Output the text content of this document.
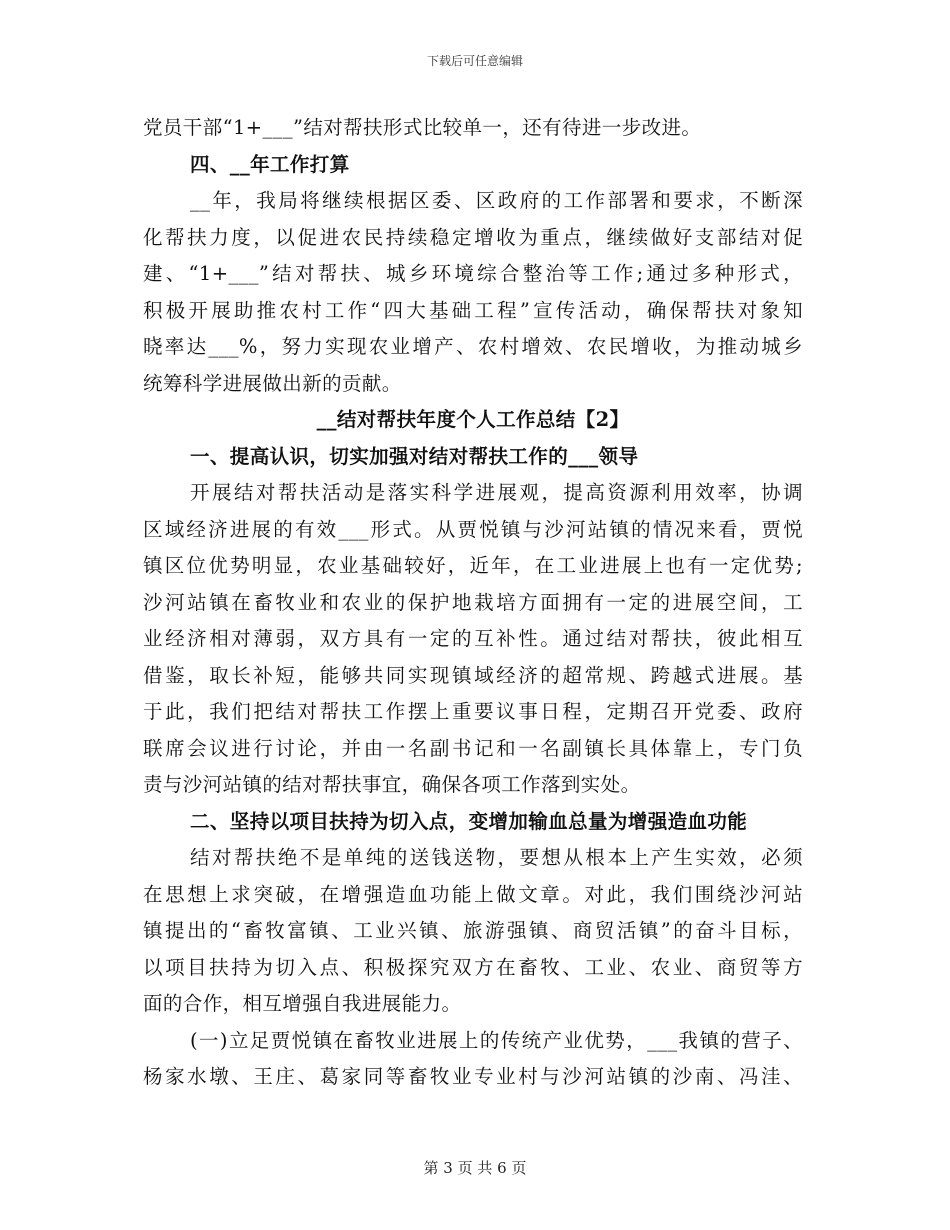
下载后可任意编辑
党员干部“1+___”结对帮扶形式比较单一，还有待进一步改进。
四、__年工作打算
__年，我局将继续根据区委、区政府的工作部署和要求，不断深
化帮扶力度，以促进农民持续稳定增收为重点，继续做好支部结对促
建、“1+___”结对帮扶、城乡环境综合整治等工作;通过多种形式，
积极开展助推农村工作“四大基础工程”宣传活动，确保帮扶对象知
晓率达___%，努力实现农业增产、农村增效、农民增收，为推动城乡
统筹科学进展做出新的贡献。
__结对帮扶年度个人工作总结【2】
一、提高认识，切实加强对结对帮扶工作的___领导
开展结对帮扶活动是落实科学进展观，提高资源利用效率，协调
区域经济进展的有效___形式。从贾悦镇与沙河站镇的情况来看，贾悦
镇区位优势明显，农业基础较好，近年，在工业进展上也有一定优势;
沙河站镇在畜牧业和农业的保护地栽培方面拥有一定的进展空间，工
业经济相对薄弱，双方具有一定的互补性。通过结对帮扶，彼此相互
借鉴，取长补短，能够共同实现镇域经济的超常规、跨越式进展。基
于此，我们把结对帮扶工作摆上重要议事日程，定期召开党委、政府
联席会议进行讨论，并由一名副书记和一名副镇长具体靠上，专门负
责与沙河站镇的结对帮扶事宜，确保各项工作落到实处。
二、坚持以项目扶持为切入点，变增加输血总量为增强造血功能
结对帮扶绝不是单纯的送钱送物，要想从根本上产生实效，必须
在思想上求突破，在增强造血功能上做文章。对此，我们围绕沙河站
镇提出的“畜牧富镇、工业兴镇、旅游强镇、商贸活镇”的奋斗目标，
以项目扶持为切入点、积极探究双方在畜牧、工业、农业、商贸等方
面的合作，相互增强自我进展能力。
(一)立足贾悦镇在畜牧业进展上的传统产业优势，___我镇的营子、
杨家水墩、王庄、葛家同等畜牧业专业村与沙河站镇的沙南、冯洼、
第 3 页 共 6 页
